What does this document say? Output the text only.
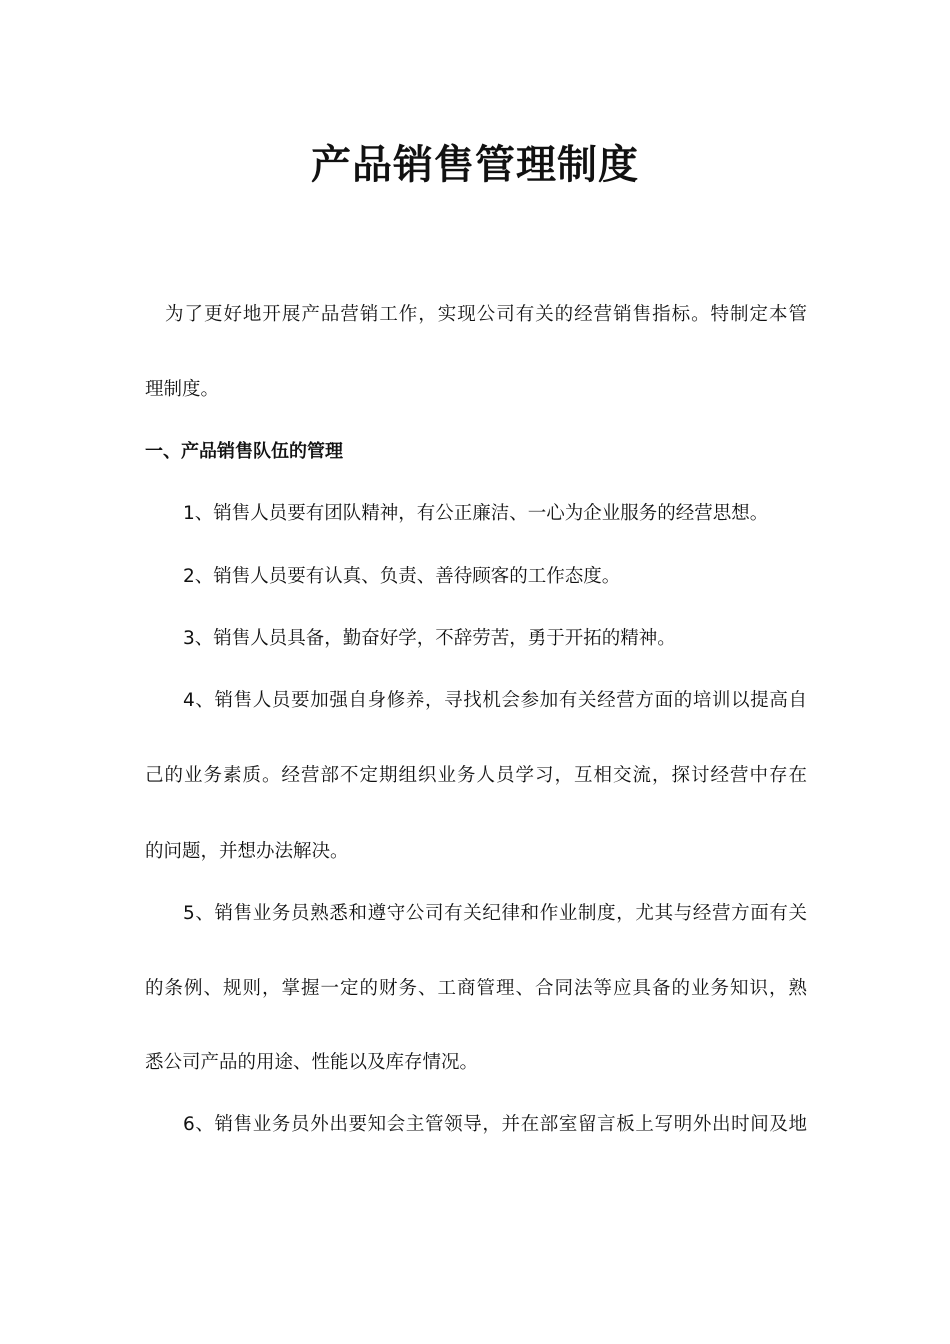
产品销售管理制度

为了更好地开展产品营销工作，实现公司有关的经营销售指标。特制定本管

理制度。

一、产品销售队伍的管理

1、销售人员要有团队精神，有公正廉洁、一心为企业服务的经营思想。

2、销售人员要有认真、负责、善待顾客的工作态度。

3、销售人员具备，勤奋好学，不辞劳苦，勇于开拓的精神。

4、销售人员要加强自身修养，寻找机会参加有关经营方面的培训以提高自

己的业务素质。经营部不定期组织业务人员学习，互相交流，探讨经营中存在

的问题，并想办法解决。

5、销售业务员熟悉和遵守公司有关纪律和作业制度，尤其与经营方面有关

的条例、规则，掌握一定的财务、工商管理、合同法等应具备的业务知识，熟

悉公司产品的用途、性能以及库存情况。

6、销售业务员外出要知会主管领导，并在部室留言板上写明外出时间及地
